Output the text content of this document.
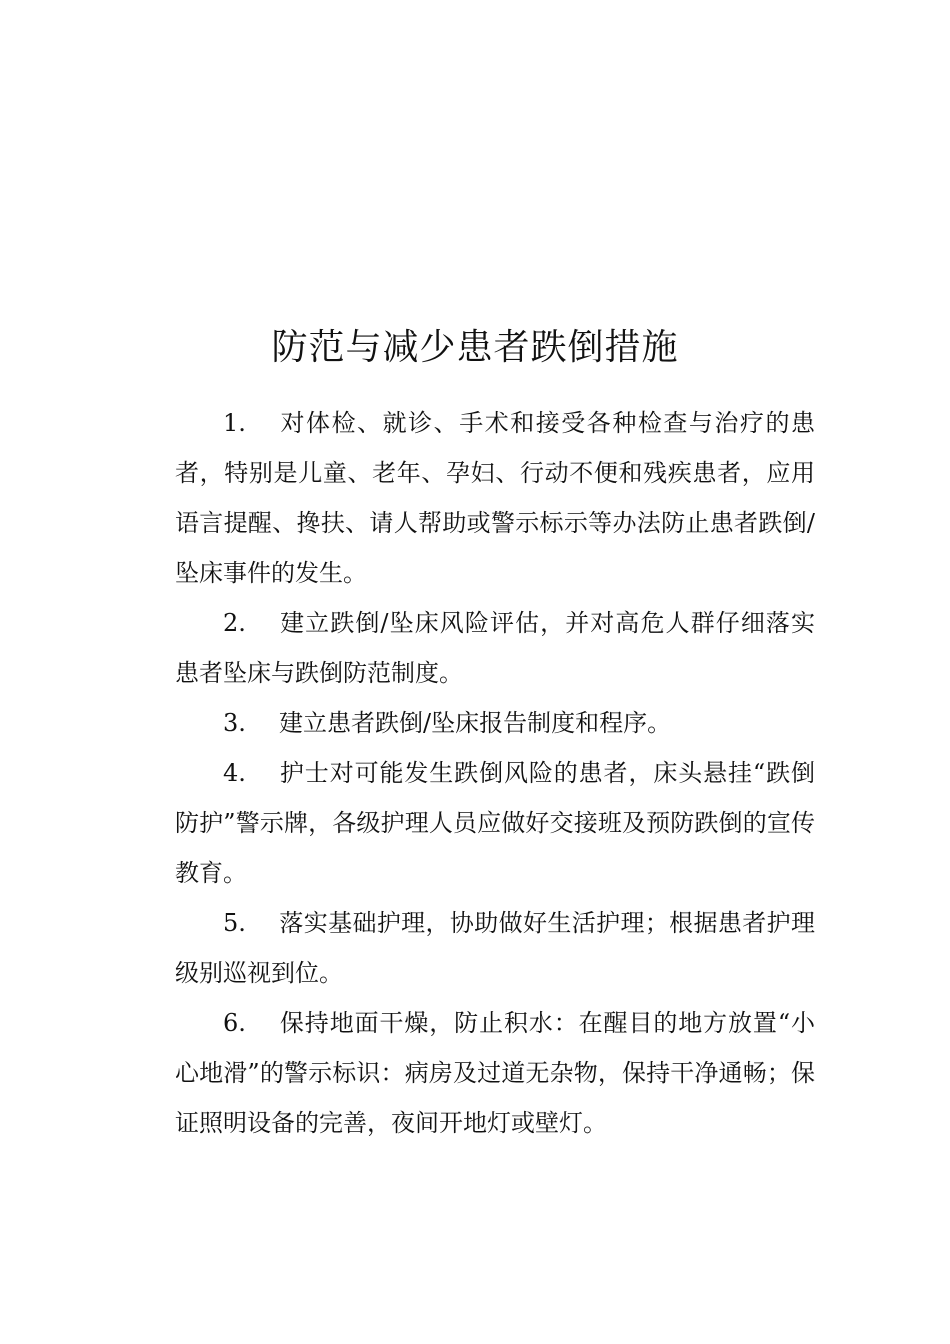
防范与减少患者跌倒措施

1. 对体检、就诊、手术和接受各种检查与治疗的患者，特别是儿童、老年、孕妇、行动不便和残疾患者，应用语言提醒、搀扶、请人帮助或警示标示等办法防止患者跌倒/坠床事件的发生。

2. 建立跌倒/坠床风险评估，并对高危人群仔细落实患者坠床与跌倒防范制度。

3. 建立患者跌倒/坠床报告制度和程序。

4. 护士对可能发生跌倒风险的患者，床头悬挂“跌倒防护”警示牌，各级护理人员应做好交接班及预防跌倒的宣传教育。

5. 落实基础护理，协助做好生活护理；根据患者护理级别巡视到位。

6. 保持地面干燥，防止积水：在醒目的地方放置“小心地滑”的警示标识：病房及过道无杂物，保持干净通畅；保证照明设备的完善，夜间开地灯或壁灯。
